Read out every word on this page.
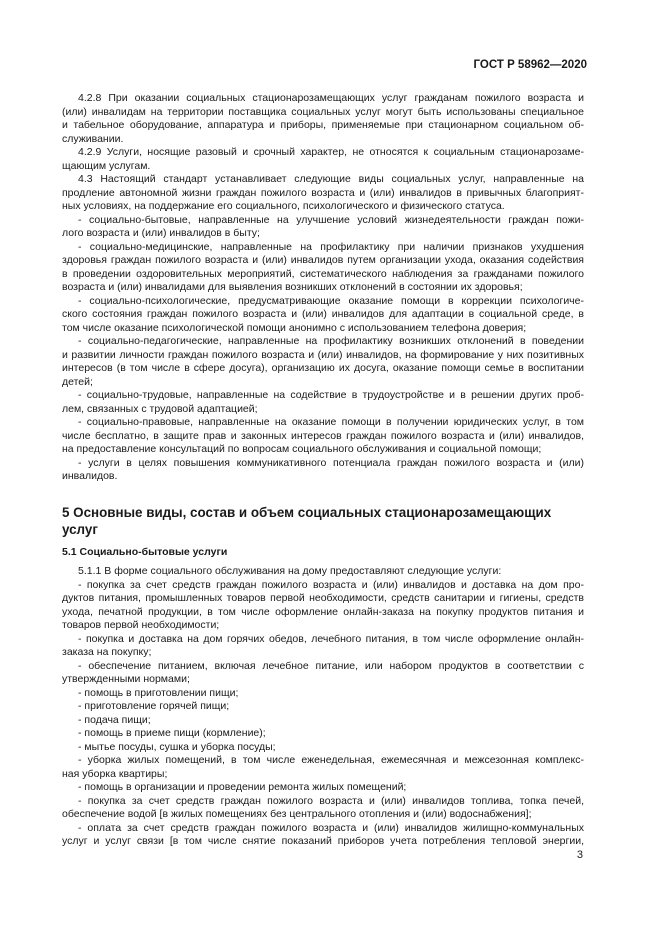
ГОСТ Р 58962—2020
4.2.8 При оказании социальных стационарозамещающих услуг гражданам пожилого возраста и
(или) инвалидам на территории поставщика социальных услуг могут быть использованы специальное
и табельное оборудование, аппаратура и приборы, применяемые при стационарном социальном об-
служивании.
4.2.9 Услуги, носящие разовый и срочный характер, не относятся к социальным стационарозаме-
щающим услугам.
4.3 Настоящий стандарт устанавливает следующие виды социальных услуг, направленные на
продление автономной жизни граждан пожилого возраста и (или) инвалидов в привычных благоприят-
ных условиях, на поддержание его социального, психологического и физического статуса.
- социально-бытовые, направленные на улучшение условий жизнедеятельности граждан пожи-
лого возраста и (или) инвалидов в быту;
- социально-медицинские, направленные на профилактику при наличии признаков ухудшения
здоровья граждан пожилого возраста и (или) инвалидов путем организации ухода, оказания содействия
в проведении оздоровительных мероприятий, систематического наблюдения за гражданами пожилого
возраста и (или) инвалидами для выявления возникших отклонений в состоянии их здоровья;
- социально-психологические, предусматривающие оказание помощи в коррекции психологиче-
ского состояния граждан пожилого возраста и (или) инвалидов для адаптации в социальной среде, в
том числе оказание психологической помощи анонимно с использованием телефона доверия;
- социально-педагогические, направленные на профилактику возникших отклонений в поведении
и развитии личности граждан пожилого возраста и (или) инвалидов, на формирование у них позитивных
интересов (в том числе в сфере досуга), организацию их досуга, оказание помощи семье в воспитании
детей;
- социально-трудовые, направленные на содействие в трудоустройстве и в решении других проб-
лем, связанных с трудовой адаптацией;
- социально-правовые, направленные на оказание помощи в получении юридических услуг, в том
числе бесплатно, в защите прав и законных интересов граждан пожилого возраста и (или) инвалидов,
на предоставление консультаций по вопросам социального обслуживания и социальной помощи;
- услуги в целях повышения коммуникативного потенциала граждан пожилого возраста и (или)
инвалидов.
5 Основные виды, состав и объем социальных стационарозамещающих
услуг
5.1 Социально-бытовые услуги
5.1.1 В форме социального обслуживания на дому предоставляют следующие услуги:
- покупка за счет средств граждан пожилого возраста и (или) инвалидов и доставка на дом про-
дуктов питания, промышленных товаров первой необходимости, средств санитарии и гигиены, средств
ухода, печатной продукции, в том числе оформление онлайн-заказа на покупку продуктов питания и
товаров первой необходимости;
- покупка и доставка на дом горячих обедов, лечебного питания, в том числе оформление онлайн-
заказа на покупку;
- обеспечение питанием, включая лечебное питание, или набором продуктов в соответствии с
утвержденными нормами;
- помощь в приготовлении пищи;
- приготовление горячей пищи;
- подача пищи;
- помощь в приеме пищи (кормление);
- мытье посуды, сушка и уборка посуды;
- уборка жилых помещений, в том числе еженедельная, ежемесячная и межсезонная комплекс-
ная уборка квартиры;
- помощь в организации и проведении ремонта жилых помещений;
- покупка за счет средств граждан пожилого возраста и (или) инвалидов топлива, топка печей,
обеспечение водой [в жилых помещениях без центрального отопления и (или) водоснабжения];
- оплата за счет средств граждан пожилого возраста и (или) инвалидов жилищно-коммунальных
услуг и услуг связи [в том числе снятие показаний приборов учета потребления тепловой энергии,
3
